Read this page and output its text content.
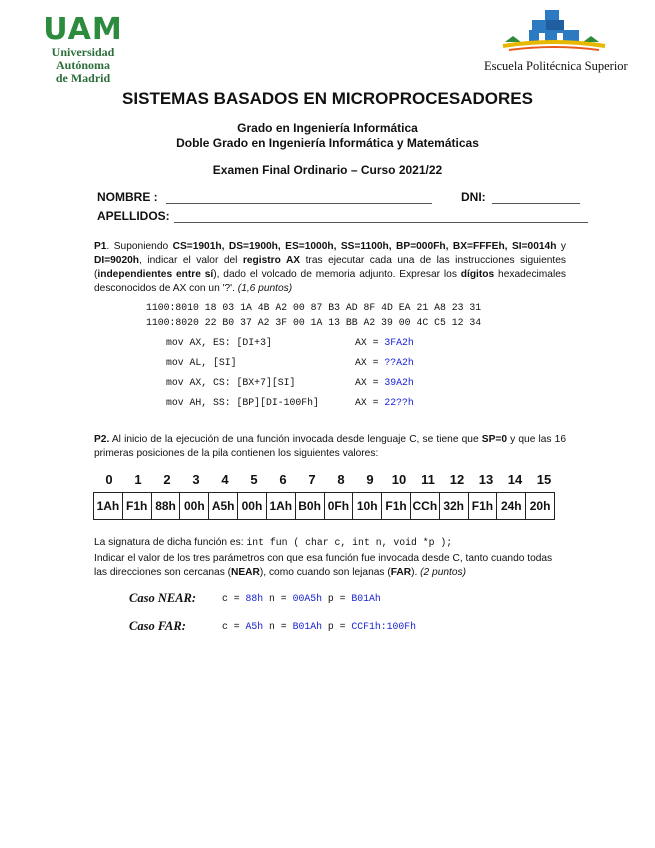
UAM
Universidad Autónoma
de Madrid
Escuela Politécnica Superior
SISTEMAS BASADOS EN MICROPROCESADORES
Grado en Ingeniería Informática
Doble Grado en Ingeniería Informática y Matemáticas
Examen Final Ordinario – Curso 2021/22
NOMBRE :	DNI:
APELLIDOS:
P1. Suponiendo CS=1901h, DS=1900h, ES=1000h, SS=1100h, BP=000Fh, BX=FFFEh, SI=0014h y DI=9020h, indicar el valor del registro AX tras ejecutar cada una de las instrucciones siguientes (independientes entre sí), dado el volcado de memoria adjunto. Expresar los dígitos hexadecimales desconocidos de AX con un '?'. (1,6 puntos)
1100:8010 18 03 1A 4B A2 00 87 B3 AD 8F 4D EA 21 A8 23 31
1100:8020 22 B0 37 A2 3F 00 1A 13 BB A2 39 00 4C C5 12 34
mov AX, ES: [DI+3]	AX = 3FA2h
mov AL, [SI]	AX = ??A2h
mov AX, CS: [BX+7][SI]	AX = 39A2h
mov AH, SS: [BP][DI-100Fh]	AX = 22??h
P2. Al inicio de la ejecución de una función invocada desde lenguaje C, se tiene que SP=0 y que las 16 primeras posiciones de la pila contienen los siguientes valores:
0	1	2	3	4	5	6	7	8	9	10	11	12	13	14	15
1Ah F1h 88h 00h A5h 00h 1Ah B0h 0Fh 10h F1h CCh 32h F1h 24h 20h
La signatura de dicha función es: int fun ( char c, int n, void *p );
Indicar el valor de los tres parámetros con que esa función fue invocada desde C, tanto cuando todas las direcciones son cercanas (NEAR), como cuando son lejanas (FAR). (2 puntos)
Caso NEAR:	c = 88h n = 00A5h p = B01Ah
Caso FAR:	c = A5h n = B01Ah p = CCF1h:100Fh
